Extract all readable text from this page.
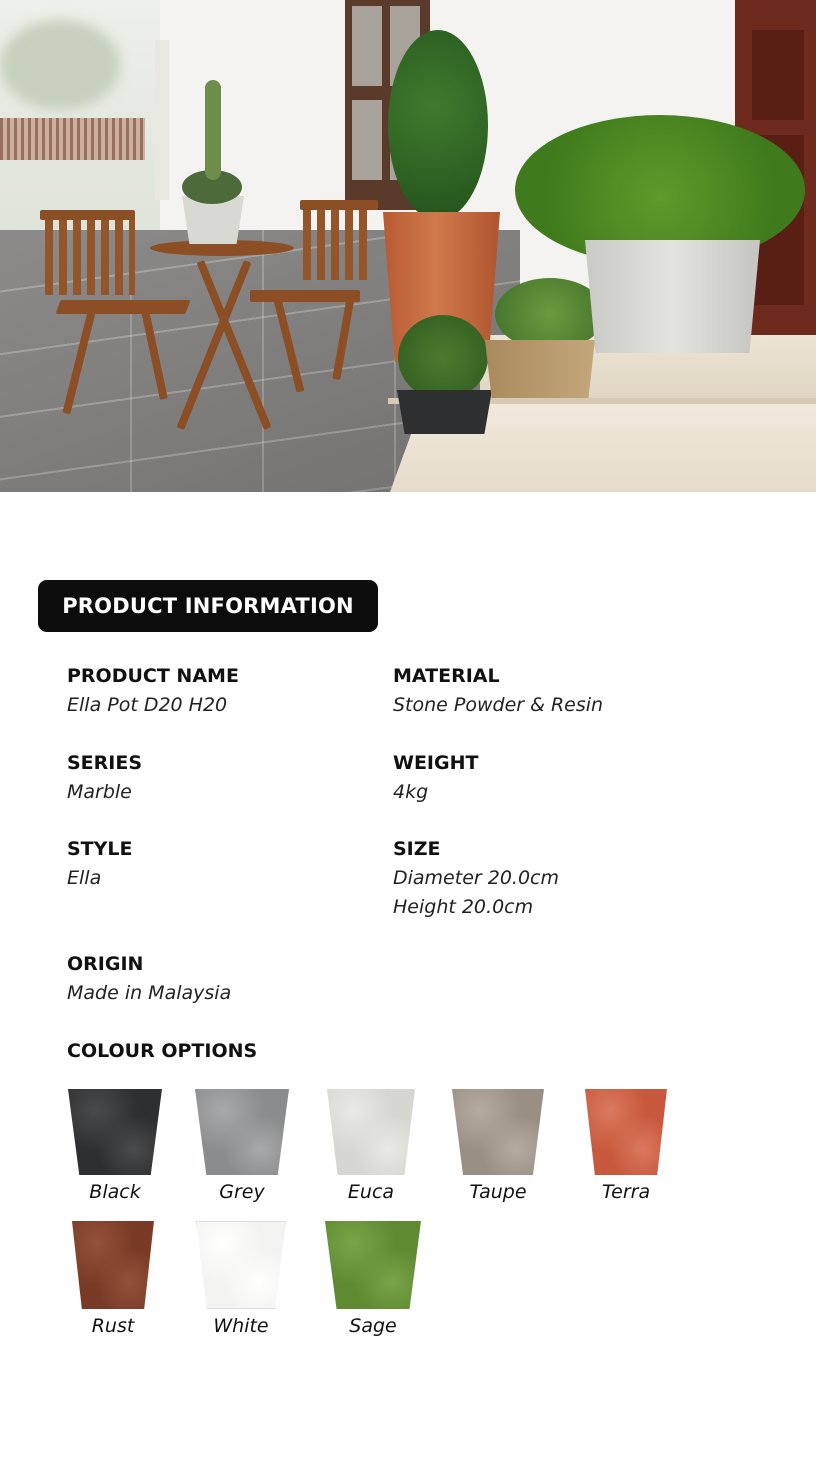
PRODUCT INFORMATION
PRODUCT NAME
Ella Pot D20 H20
MATERIAL
Stone Powder & Resin
SERIES
Marble
WEIGHT
4kg
STYLE
Ella
SIZE
Diameter 20.0cm
Height 20.0cm
ORIGIN
Made in Malaysia
COLOUR OPTIONS
Black	Grey	Euca	Taupe	Terra
Rust	White	Sage
